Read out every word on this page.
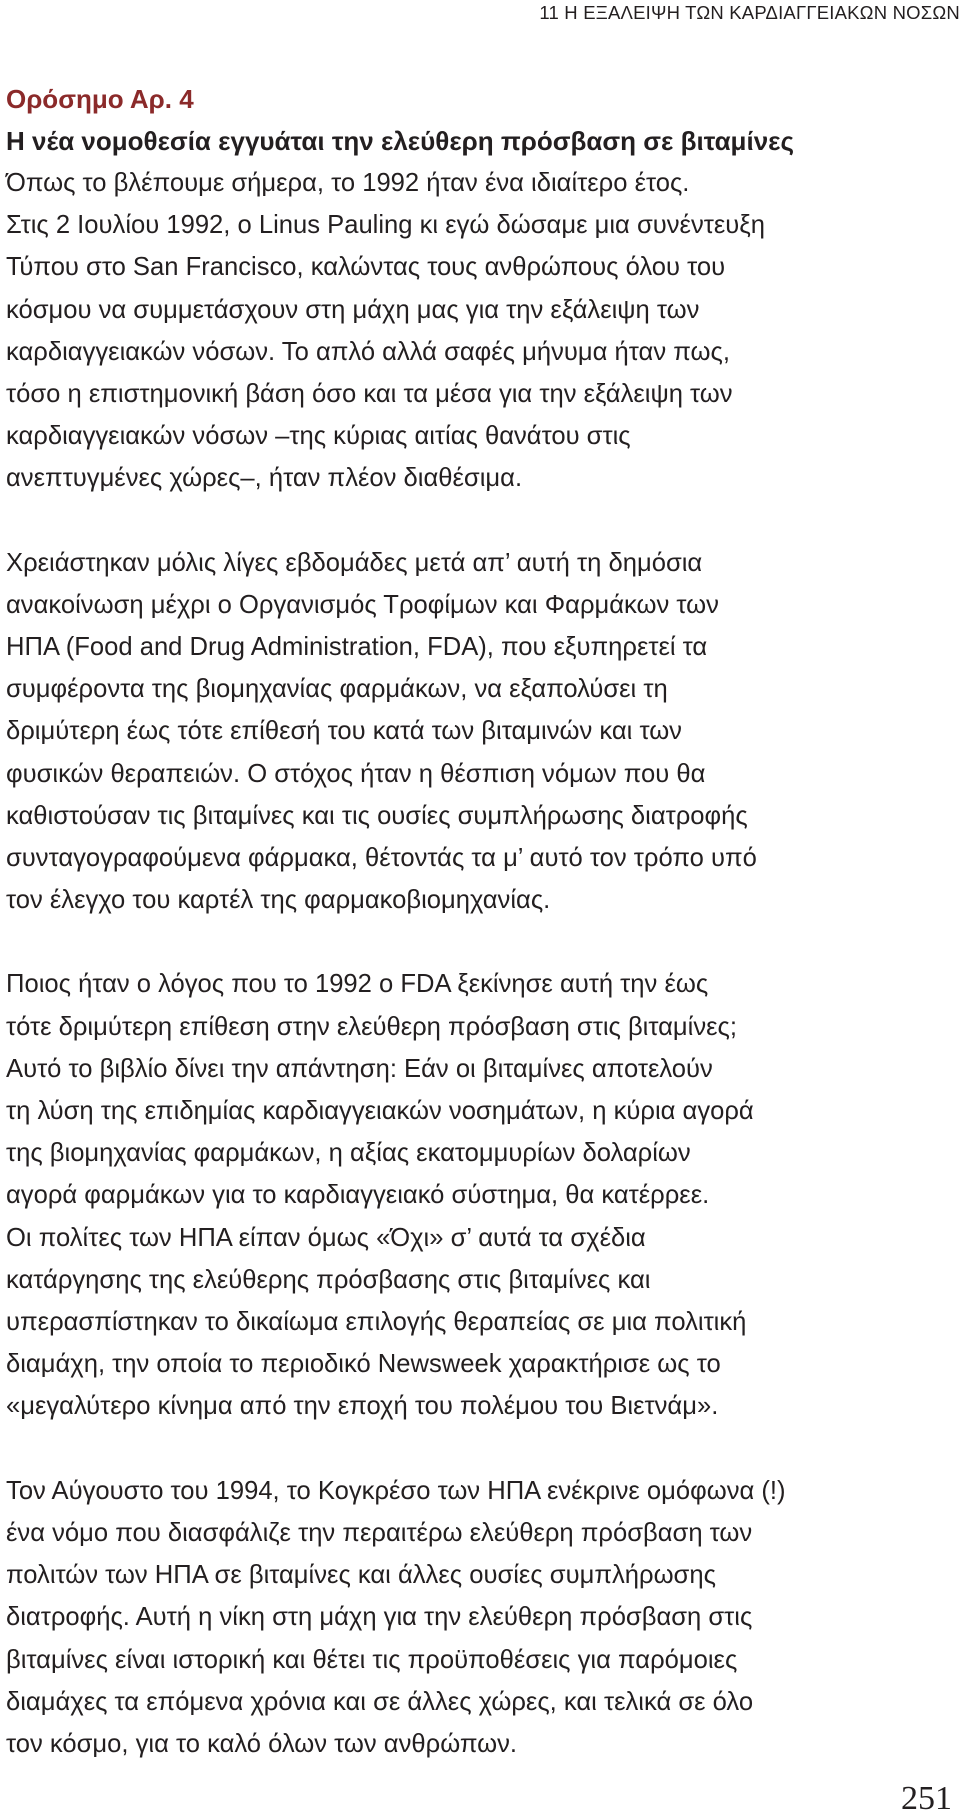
11 Η ΕΞΑΛΕΙΨΗ ΤΩΝ ΚΑΡΔΙΑΓΓΕΙΑΚΩΝ ΝΟΣΩΝ

Ορόσημο Αρ. 4

Η νέα νομοθεσία εγγυάται την ελεύθερη πρόσβαση σε βιταμίνες

Όπως το βλέπουμε σήμερα, το 1992 ήταν ένα ιδιαίτερο έτος.
Στις 2 Ιουλίου 1992, ο Linus Pauling κι εγώ δώσαμε μια συνέντευξη
Τύπου στο San Francisco, καλώντας τους ανθρώπους όλου του
κόσμου να συμμετάσχουν στη μάχη μας για την εξάλειψη των
καρδιαγγειακών νόσων. Το απλό αλλά σαφές μήνυμα ήταν πως,
τόσο η επιστημονική βάση όσο και τα μέσα για την εξάλειψη των
καρδιαγγειακών νόσων –της κύριας αιτίας θανάτου στις
ανεπτυγμένες χώρες–, ήταν πλέον διαθέσιμα.

Χρειάστηκαν μόλις λίγες εβδομάδες μετά απ’ αυτή τη δημόσια
ανακοίνωση μέχρι ο Οργανισμός Τροφίμων και Φαρμάκων των
ΗΠΑ (Food and Drug Administration, FDA), που εξυπηρετεί τα
συμφέροντα της βιομηχανίας φαρμάκων, να εξαπολύσει τη
δριμύτερη έως τότε επίθεσή του κατά των βιταμινών και των
φυσικών θεραπειών. Ο στόχος ήταν η θέσπιση νόμων που θα
καθιστούσαν τις βιταμίνες και τις ουσίες συμπλήρωσης διατροφής
συνταγογραφούμενα φάρμακα, θέτοντάς τα μ’ αυτό τον τρόπο υπό
τον έλεγχο του καρτέλ της φαρμακοβιομηχανίας.

Ποιος ήταν ο λόγος που το 1992 ο FDA ξεκίνησε αυτή την έως
τότε δριμύτερη επίθεση στην ελεύθερη πρόσβαση στις βιταμίνες;
Αυτό το βιβλίο δίνει την απάντηση: Εάν οι βιταμίνες αποτελούν
τη λύση της επιδημίας καρδιαγγειακών νοσημάτων, η κύρια αγορά
της βιομηχανίας φαρμάκων, η αξίας εκατομμυρίων δολαρίων
αγορά φαρμάκων για το καρδιαγγειακό σύστημα, θα κατέρρεε.
Οι πολίτες των ΗΠΑ είπαν όμως «Όχι» σ’ αυτά τα σχέδια
κατάργησης της ελεύθερης πρόσβασης στις βιταμίνες και
υπερασπίστηκαν το δικαίωμα επιλογής θεραπείας σε μια πολιτική
διαμάχη, την οποία το περιοδικό Newsweek χαρακτήρισε ως το
«μεγαλύτερο κίνημα από την εποχή του πολέμου του Βιετνάμ».

Τον Αύγουστο του 1994, το Κογκρέσο των ΗΠΑ ενέκρινε ομόφωνα (!)
ένα νόμο που διασφάλιζε την περαιτέρω ελεύθερη πρόσβαση των
πολιτών των ΗΠΑ σε βιταμίνες και άλλες ουσίες συμπλήρωσης
διατροφής. Αυτή η νίκη στη μάχη για την ελεύθερη πρόσβαση στις
βιταμίνες είναι ιστορική και θέτει τις προϋποθέσεις για παρόμοιες
διαμάχες τα επόμενα χρόνια και σε άλλες χώρες, και τελικά σε όλο
τον κόσμο, για το καλό όλων των ανθρώπων.

251
